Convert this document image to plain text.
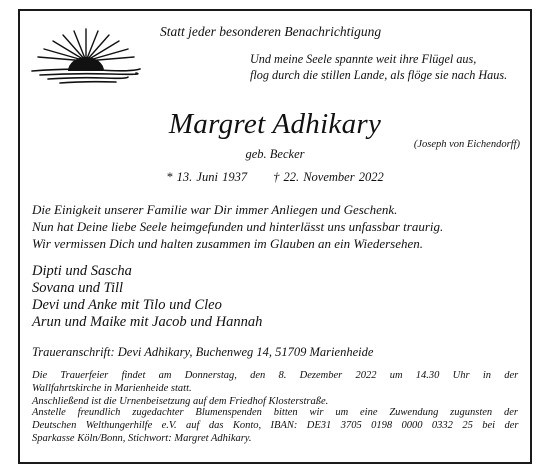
Statt jeder besonderen Benachrichtigung
Und meine Seele spannte weit ihre Flügel aus,
flog durch die stillen Lande, als flöge sie nach Haus.
(Joseph von Eichendorff)
Margret Adhikary
geb. Becker
* 13. Juni 1937 † 22. November 2022
Die Einigkeit unserer Familie war Dir immer Anliegen und Geschenk.
Nun hat Deine liebe Seele heimgefunden und hinterlässt uns unfassbar traurig.
Wir vermissen Dich und halten zusammen im Glauben an ein Wiedersehen.
Dipti und Sascha
Sovana und Till
Devi und Anke mit Tilo und Cleo
Arun und Maike mit Jacob und Hannah
Traueranschrift: Devi Adhikary, Buchenweg 14, 51709 Marienheide
Die Trauerfeier findet am Donnerstag, den 8. Dezember 2022 um 14.30 Uhr in der
Wallfahrtskirche in Marienheide statt.
Anschließend ist die Urnenbeisetzung auf dem Friedhof Klosterstraße.
Anstelle freundlich zugedachter Blumenspenden bitten wir um eine Zuwendung zugunsten der
Deutschen Welthungerhilfe e.V. auf das Konto, IBAN: DE31 3705 0198 0000 0332 25 bei der
Sparkasse Köln/Bonn, Stichwort: Margret Adhikary.
